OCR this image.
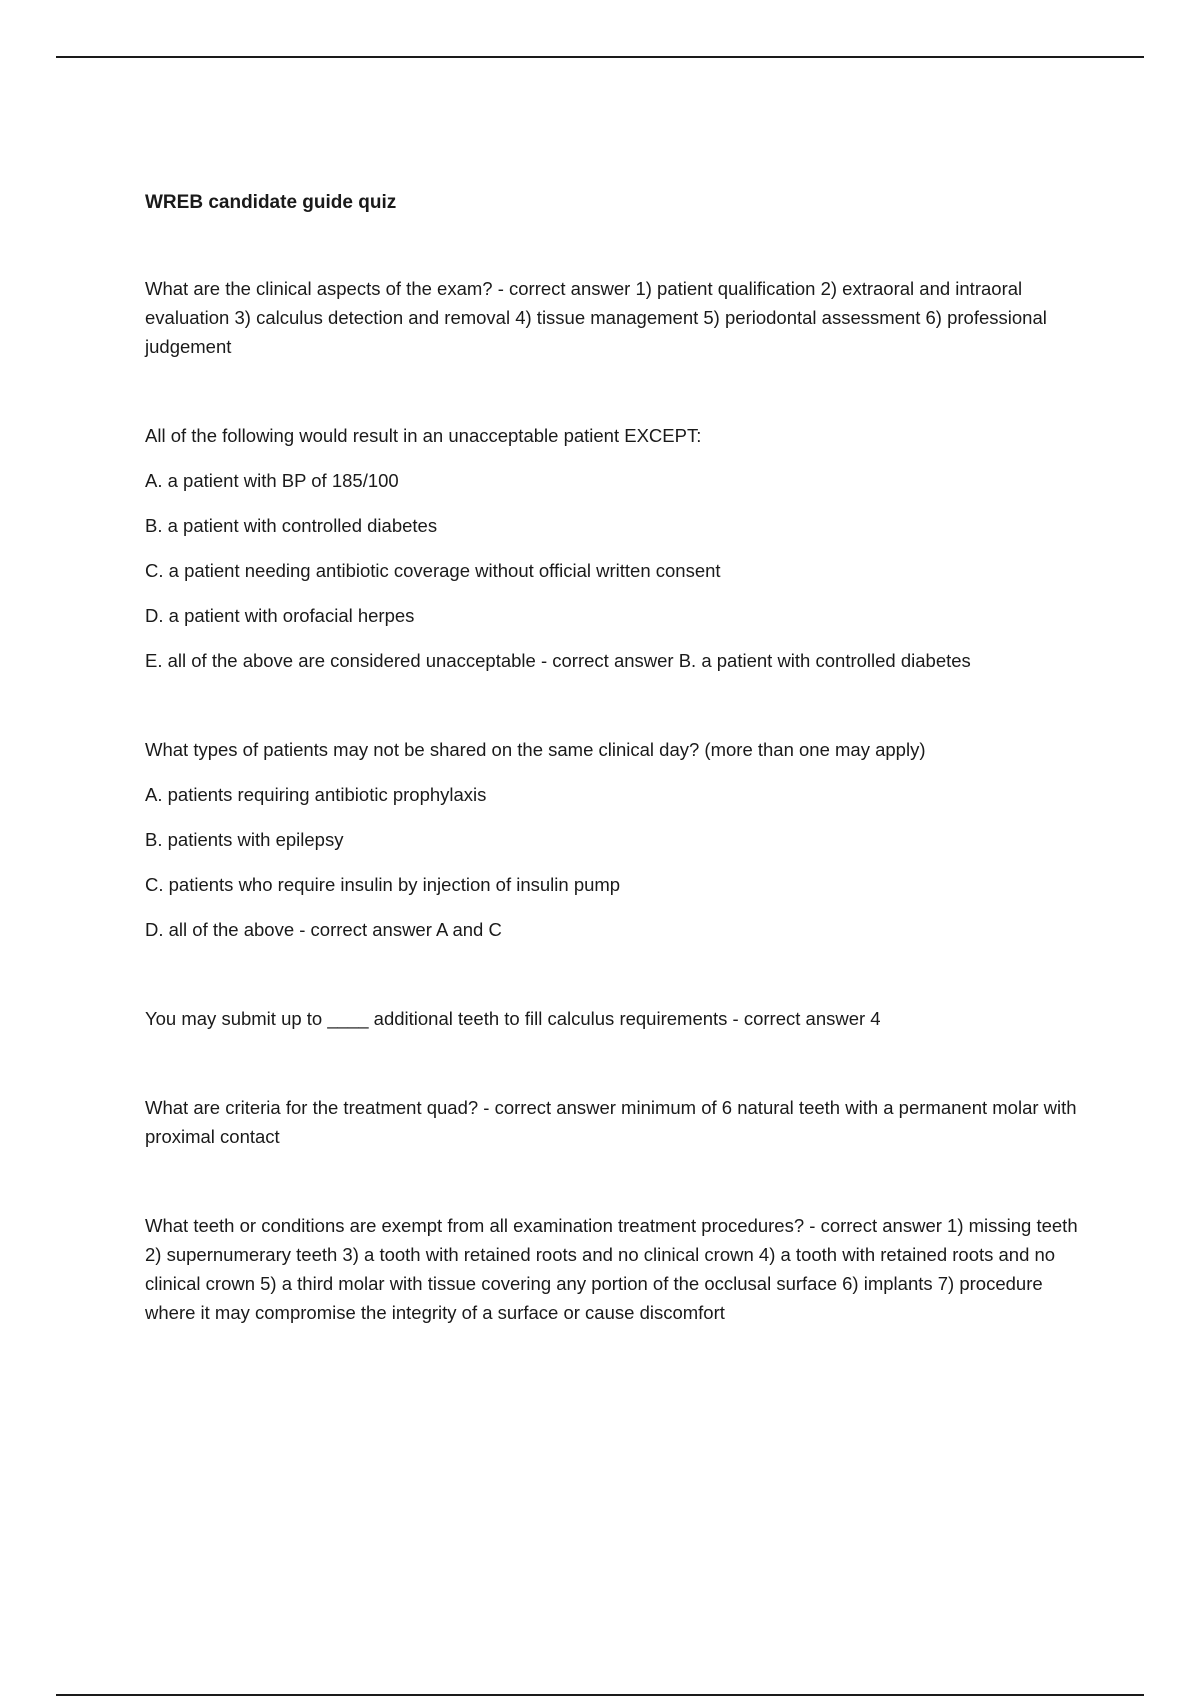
WREB candidate guide quiz

What are the clinical aspects of the exam? - correct answer 1) patient qualification 2) extraoral and intraoral evaluation 3) calculus detection and removal 4) tissue management 5) periodontal assessment 6) professional judgement

All of the following would result in an unacceptable patient EXCEPT:

A. a patient with BP of 185/100

B. a patient with controlled diabetes

C. a patient needing antibiotic coverage without official written consent

D. a patient with orofacial herpes

E. all of the above are considered unacceptable - correct answer B. a patient with controlled diabetes

What types of patients may not be shared on the same clinical day? (more than one may apply)

A. patients requiring antibiotic prophylaxis

B. patients with epilepsy

C. patients who require insulin by injection of insulin pump

D. all of the above - correct answer A and C

You may submit up to ____ additional teeth to fill calculus requirements - correct answer 4

What are criteria for the treatment quad? - correct answer minimum of 6 natural teeth with a permanent molar with proximal contact

What teeth or conditions are exempt from all examination treatment procedures? - correct answer 1) missing teeth 2) supernumerary teeth 3) a tooth with retained roots and no clinical crown 4) a tooth with retained roots and no clinical crown 5) a third molar with tissue covering any portion of the occlusal surface 6) implants 7) procedure where it may compromise the integrity of a surface or cause discomfort
